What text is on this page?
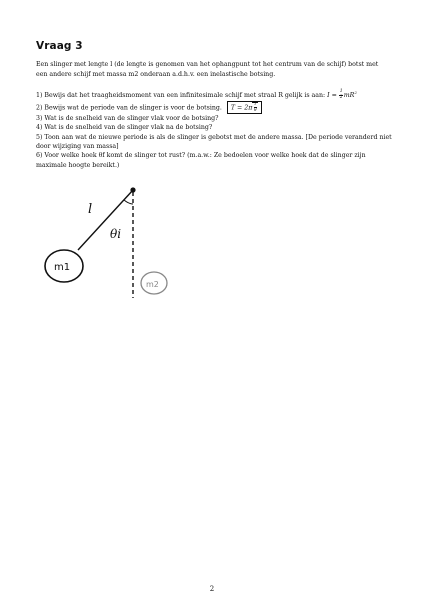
Vraag 3
Een slinger met lengte l (de lengte is genomen van het ophangpunt tot het centrum van de schijf) botst met een andere schijf met massa m2 onderaan a.d.h.v. een inelastische botsing.

1) Bewijs dat het traagheidsmoment van een infinitesimale schijf met straal R gelijk is aan: $I = \frac{1}{2} mR^2$

2) Bewijs wat de periode van de slinger is voor de botsing. $T = 2\pi \frac{l}{g}$

3) Wat is de snelheid van de slinger vlak voor de botsing?

4) Wat is de snelheid van de slinger vlak na de botsing?

5) Toon aan wat de nieuwe periode is als de slinger is gebotst met de andere massa. [De periode veranderd niet door wijziging van massa]

6) Voor welke hoek θf komt de slinger tot rust? (m.a.w.: Ze bedoelen voor welke hoek dat de slinger zijn maximale hoogte bereikt.)

l
θi
m1
m2
2
